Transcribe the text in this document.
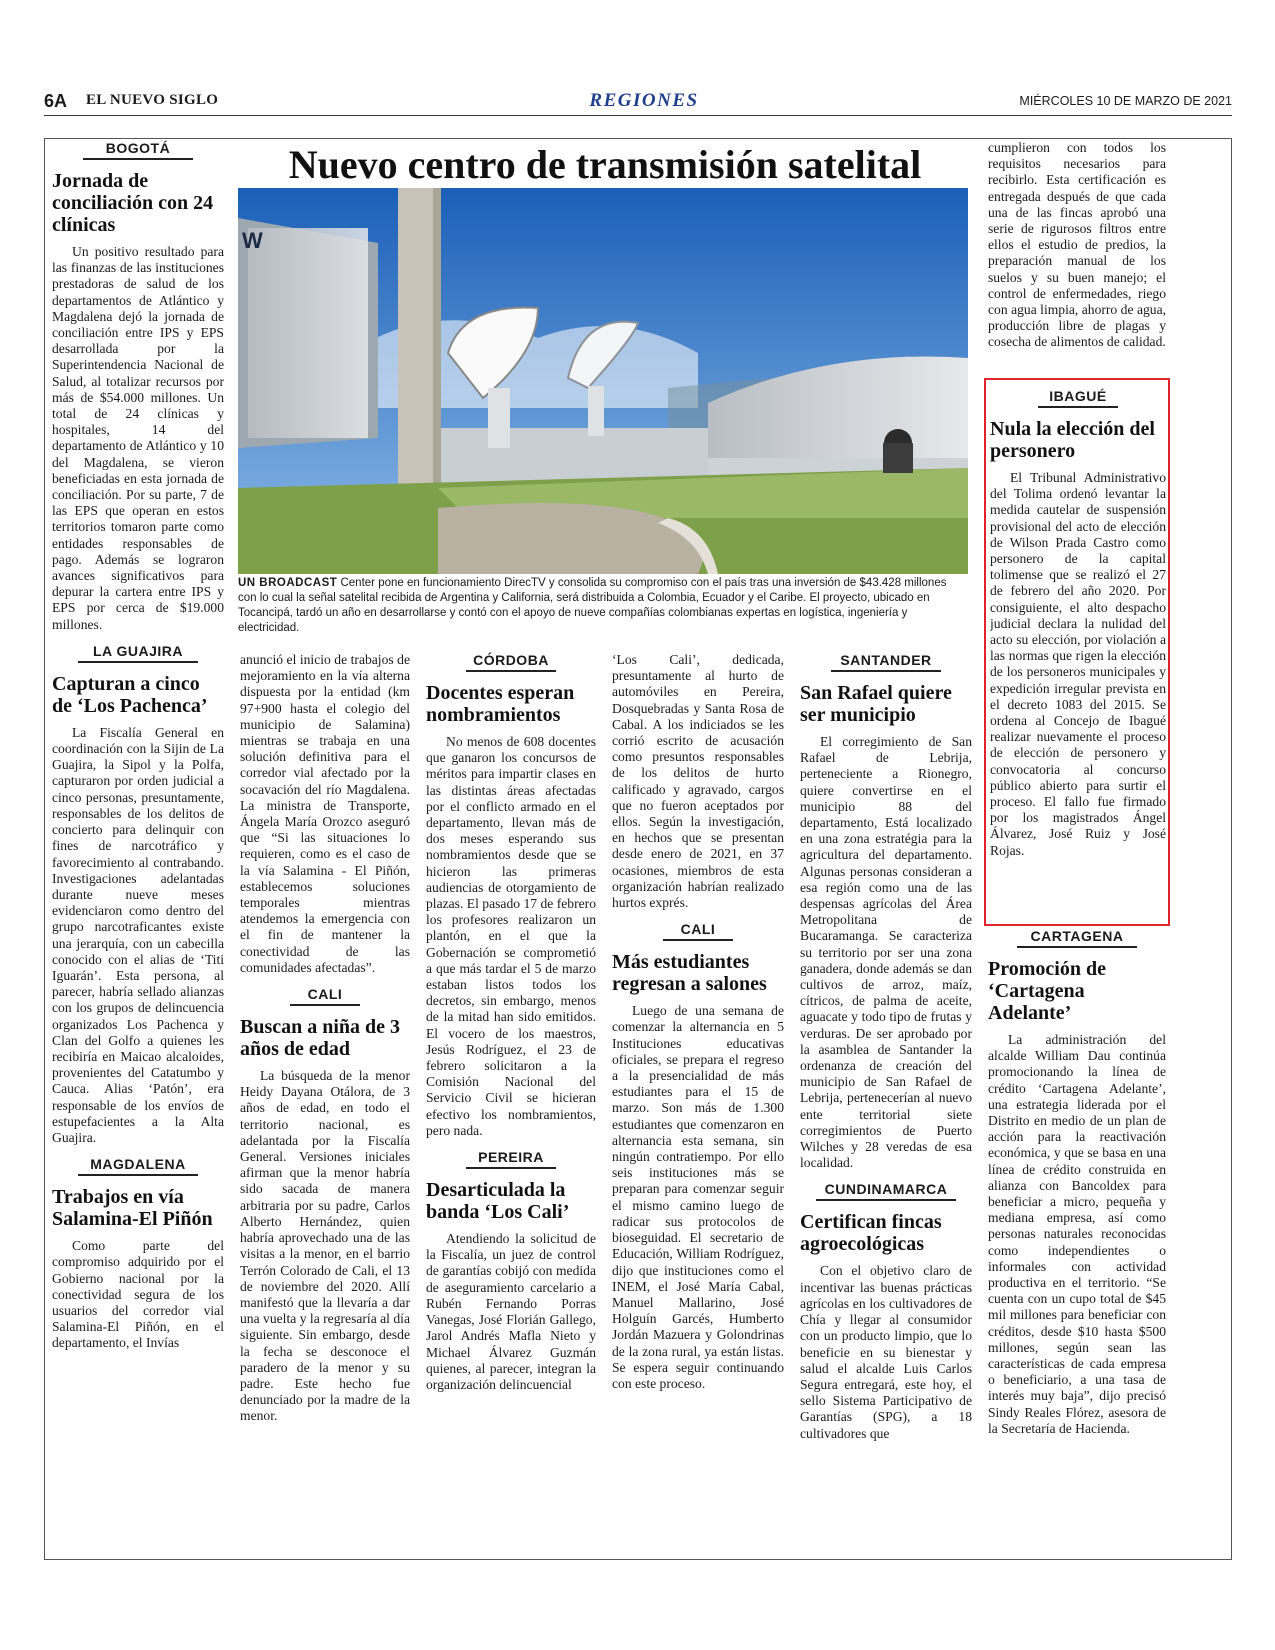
6A EL NUEVO SIGLO	REGIONES	MIÉRCOLES 10 DE MARZO DE 2021
BOGOTÁ
Jornada de conciliación con 24 clínicas

Un positivo resultado para las finanzas de las instituciones prestadoras de salud de los departamentos de Atlántico y Magdalena dejó la jornada de conciliación entre IPS y EPS desarrollada por la Superintendencia Nacional de Salud, al totalizar recursos por más de $54.000 millones. Un total de 24 clínicas y hospitales, 14 del departamento de Atlántico y 10 del Magdalena, se vieron beneficiadas en esta jornada de conciliación. Por su parte, 7 de las EPS que operan en estos territorios tomaron parte como entidades responsables de pago. Además se lograron avances significativos para depurar la cartera entre IPS y EPS por cerca de $19.000 millones.

LA GUAJIRA
Capturan a cinco de ‘Los Pachenca’

La Fiscalía General en coordinación con la Sijin de La Guajira, la Sipol y la Polfa, capturaron por orden judicial a cinco personas, presuntamente, responsables de los delitos de concierto para delinquir con fines de narcotráfico y favorecimiento al contrabando. Investigaciones adelantadas durante nueve meses evidenciaron como dentro del grupo narcotraficantes existe una jerarquía, con un cabecilla conocido con el alias de ‘Titi Iguarán’. Esta persona, al parecer, habría sellado alianzas con los grupos de delincuencia organizados Los Pachenca y Clan del Golfo a quienes les recibiría en Maicao alcaloides, provenientes del Catatumbo y Cauca. Alias ‘Patón’, era responsable de los envíos de estupefacientes a la Alta Guajira.

MAGDALENA
Trabajos en vía Salamina-El Piñón

Como parte del compromiso adquirido por el Gobierno nacional por la conectividad segura de los usuarios del corredor vial Salamina-El Piñón, en el departamento, el Invías

Nuevo centro de transmisión satelital
W

UN BROADCAST Center pone en funcionamiento DirecTV y consolida su compromiso con el país tras una inversión de $43.428 millones con lo cual la señal satelital recibida de Argentina y California, será distribuida a Colombia, Ecuador y el Caribe. El proyecto, ubicado en Tocancipá, tardó un año en desarrollarse y contó con el apoyo de nueve compañías colombianas expertas en logística, ingeniería y electricidad.

anunció el inicio de trabajos de mejoramiento en la vía alterna dispuesta por la entidad (km 97+900 hasta el colegio del municipio de Salamina) mientras se trabaja en una solución definitiva para el corredor vial afectado por la socavación del río Magdalena. La ministra de Transporte, Ángela María Orozco aseguró que “Si las situaciones lo requieren, como es el caso de la vía Salamina - El Piñón, establecemos soluciones temporales mientras atendemos la emergencia con el fin de mantener la conectividad de las comunidades afectadas”.

CALI
Buscan a niña de 3 años de edad

La búsqueda de la menor Heidy Dayana Otálora, de 3 años de edad, en todo el territorio nacional, es adelantada por la Fiscalía General. Versiones iniciales afirman que la menor habría sido sacada de manera arbitraria por su padre, Carlos Alberto Hernández, quien habría aprovechado una de las visitas a la menor, en el barrio Terrón Colorado de Cali, el 13 de noviembre del 2020. Allí manifestó que la llevaría a dar una vuelta y la regresaría al día siguiente. Sin embargo, desde la fecha se desconoce el paradero de la menor y su padre. Este hecho fue denunciado por la madre de la menor.

CÓRDOBA
Docentes esperan nombramientos

No menos de 608 docentes que ganaron los concursos de méritos para impartir clases en las distintas áreas afectadas por el conflicto armado en el departamento, llevan más de dos meses esperando sus nombramientos desde que se hicieron las primeras audiencias de otorgamiento de plazas. El pasado 17 de febrero los profesores realizaron un plantón, en el que la Gobernación se comprometió a que más tardar el 5 de marzo estaban listos todos los decretos, sin embargo, menos de la mitad han sido emitidos. El vocero de los maestros, Jesús Rodríguez, el 23 de febrero solicitaron a la Comisión Nacional del Servicio Civil se hicieran efectivo los nombramientos, pero nada.

PEREIRA
Desarticulada la banda ‘Los Cali’

Atendiendo la solicitud de la Fiscalía, un juez de control de garantías cobijó con medida de aseguramiento carcelario a Rubén Fernando Porras Vanegas, José Florián Gallego, Jarol Andrés Mafla Nieto y Michael Álvarez Guzmán quienes, al parecer, integran la organización delincuencial

‘Los Cali’, dedicada, presuntamente al hurto de automóviles en Pereira, Dosquebradas y Santa Rosa de Cabal. A los indiciados se les corrió escrito de acusación como presuntos responsables de los delitos de hurto calificado y agravado, cargos que no fueron aceptados por ellos. Según la investigación, en hechos que se presentan desde enero de 2021, en 37 ocasiones, miembros de esta organización habrían realizado hurtos exprés.

CALI
Más estudiantes regresan a salones

Luego de una semana de comenzar la alternancia en 5 Instituciones educativas oficiales, se prepara el regreso a la presencialidad de más estudiantes para el 15 de marzo. Son más de 1.300 estudiantes que comenzaron en alternancia esta semana, sin ningún contratiempo. Por ello seis instituciones más se preparan para comenzar seguir el mismo camino luego de radicar sus protocolos de bioseguidad. El secretario de Educación, William Rodríguez, dijo que instituciones como el INEM, el José María Cabal, Manuel Mallarino, José Holguín Garcés, Humberto Jordán Mazuera y Golondrinas de la zona rural, ya están listas. Se espera seguir continuando con este proceso.

SANTANDER
San Rafael quiere ser municipio

El corregimiento de San Rafael de Lebrija, perteneciente a Rionegro, quiere convertirse en el municipio 88 del departamento, Está localizado en una zona estratégia para la agricultura del departamento. Algunas personas consideran a esa región como una de las despensas agrícolas del Área Metropolitana de Bucaramanga. Se caracteriza su territorio por ser una zona ganadera, donde además se dan cultivos de arroz, maíz, cítricos, de palma de aceite, aguacate y todo tipo de frutas y verduras. De ser aprobado por la asamblea de Santander la ordenanza de creación del municipio de San Rafael de Lebrija, pertenecerían al nuevo ente territorial siete corregimientos de Puerto Wilches y 28 veredas de esa localidad.

CUNDINAMARCA
Certifican fincas agroecológicas

Con el objetivo claro de incentivar las buenas prácticas agrícolas en los cultivadores de Chía y llegar al consumidor con un producto limpio, que lo beneficie en su bienestar y salud el alcalde Luis Carlos Segura entregará, este hoy, el sello Sistema Participativo de Garantías (SPG), a 18 cultivadores que

cumplieron con todos los requisitos necesarios para recibirlo. Esta certificación es entregada después de que cada una de las fincas aprobó una serie de rigurosos filtros entre ellos el estudio de predios, la preparación manual de los suelos y su buen manejo; el control de enfermedades, riego con agua limpia, ahorro de agua, producción libre de plagas y cosecha de alimentos de calidad.

IBAGUÉ
Nula la elección del personero

El Tribunal Administrativo del Tolima ordenó levantar la medida cautelar de suspensión provisional del acto de elección de Wilson Prada Castro como personero de la capital tolimense que se realizó el 27 de febrero del año 2020. Por consiguiente, el alto despacho judicial declara la nulidad del acto su elección, por violación a las normas que rigen la elección de los personeros municipales y expedición irregular prevista en el decreto 1083 del 2015. Se ordena al Concejo de Ibagué realizar nuevamente el proceso de elección de personero y convocatoria al concurso público abierto para surtir el proceso. El fallo fue firmado por los magistrados Ángel Álvarez, José Ruiz y José Rojas.

CARTAGENA
Promoción de ‘Cartagena Adelante’

La administración del alcalde William Dau continúa promocionando la línea de crédito ‘Cartagena Adelante’, una estrategia liderada por el Distrito en medio de un plan de acción para la reactivación económica, y que se basa en una línea de crédito construida en alianza con Bancoldex para beneficiar a micro, pequeña y mediana empresa, así como personas naturales reconocidas como independientes o informales con actividad productiva en el territorio. “Se cuenta con un cupo total de $45 mil millones para beneficiar con créditos, desde $10 hasta $500 millones, según sean las características de cada empresa o beneficiario, a una tasa de interés muy baja”, dijo precisó Sindy Reales Flórez, asesora de la Secretaría de Hacienda.
